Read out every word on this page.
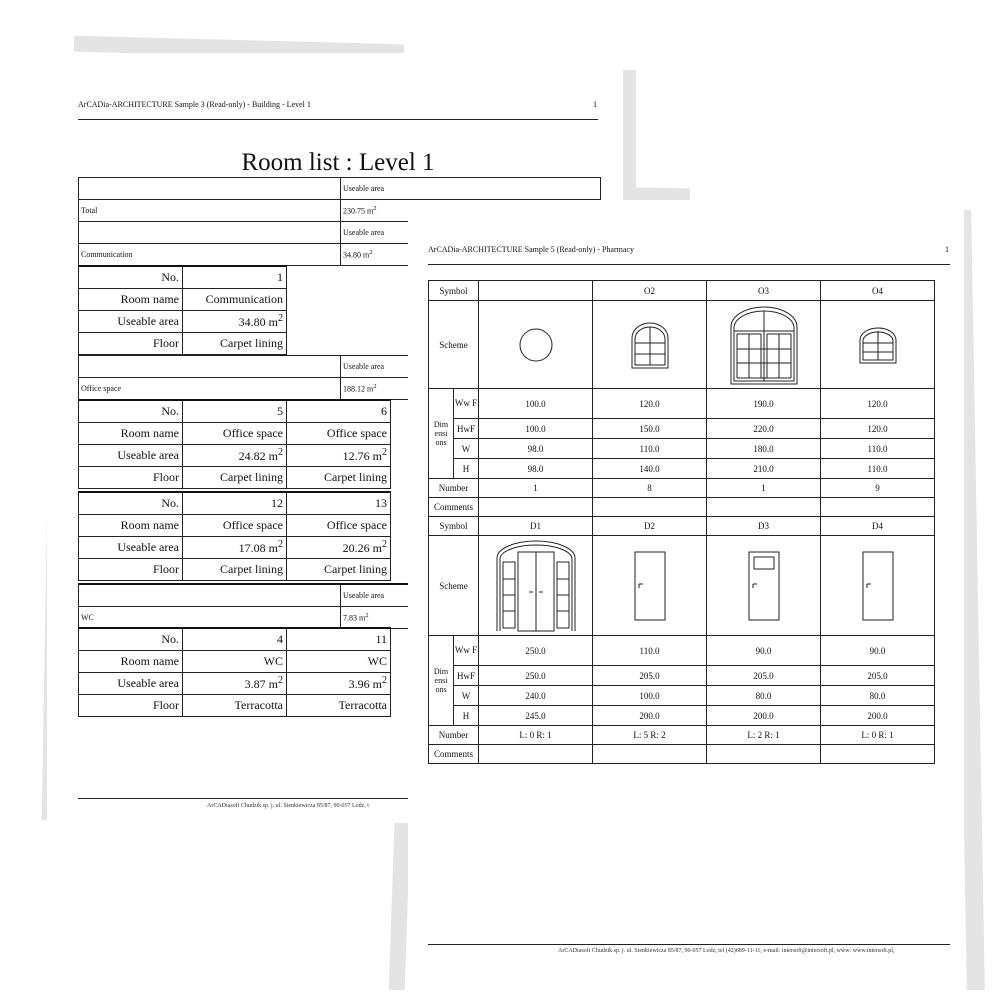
ArCADia-ARCHITECTURE Sample 3 (Read-only) - Building - Level 1	1
Room list : Level 1
	Useable area
Total	230.75 $m^2$
	Useable area
Communication	34.80 $m^2$
No.	1
Room name	Communication
Useable area	34.80 $m^2$
Floor	Carpet lining
	Useable area
Office space	188.12 $m^2$
No.	5	6
Room name	Office space	Office space
Useable area	24.82 $m^2$	12.76 $m^2$
Floor	Carpet lining	Carpet lining
No.	12	13
Room name	Office space	Office space
Useable area	17.08 $m^2$	20.26 $m^2$
Floor	Carpet lining	Carpet lining
	Useable area
WC	7.83 $m^2$
No.	4	11
Room name	WC	WC
Useable area	3.87 $m^2$	3.96 $m^2$
Floor	Terracotta	Terracotta
ArCADiasoft Chudzik sp. j. ul. Sienkiewicza 85/87, 90-057 Lodz, t
ArCADia-ARCHITECTURE Sample 5 (Read-only) - Pharmacy	1
Symbol			O2	O3	O4
Scheme	

Dim ensi ons	Ww F	100.0	120.0	190.0	120.0
	HwF	100.0	150.0	220.0	120.0
	W	98.0	110.0	180.0	110.0
	H	98.0	140.0	210.0	110.0
Number		1	8	1	9
Comments					
Symbol		D1	D2	D3	D4
Scheme	

Dim ensi ons	Ww F	250.0	110.0	90.0	90.0
	HwF	250.0	205.0	205.0	205.0
	W	240.0	100.0	80.0	80.0
	H	245.0	200.0	200.0	200.0
Number		L: 0 R: 1	L: 5 R: 2	L: 2 R: 1	L: 0 R: 1
Comments					
ArCADiasoft Chudzik sp. j. ul. Sienkiewicza 85/87, 90-057 Lodz, tel (42)689-11-11, e-mail: intersoft@intersoft.pl, www: www.intersoft.pl,
